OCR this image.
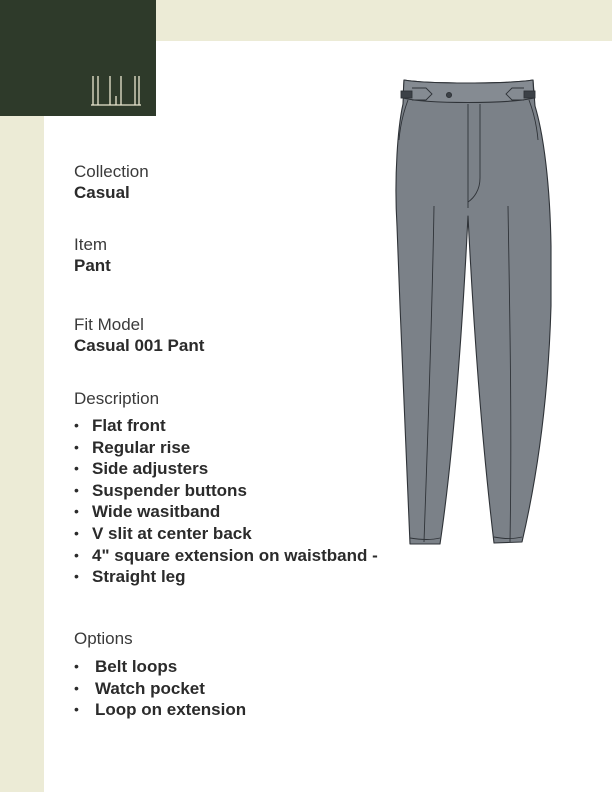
Collection
Casual
Item
Pant
Fit Model
Casual 001 Pant
Description
• Flat front
• Regular rise
• Side adjusters
• Suspender buttons
• Wide wasitband
• V slit at center back
• 4" square extension on waistband -
• Straight leg
Options
• Belt loops
• Watch pocket
• Loop on extension
